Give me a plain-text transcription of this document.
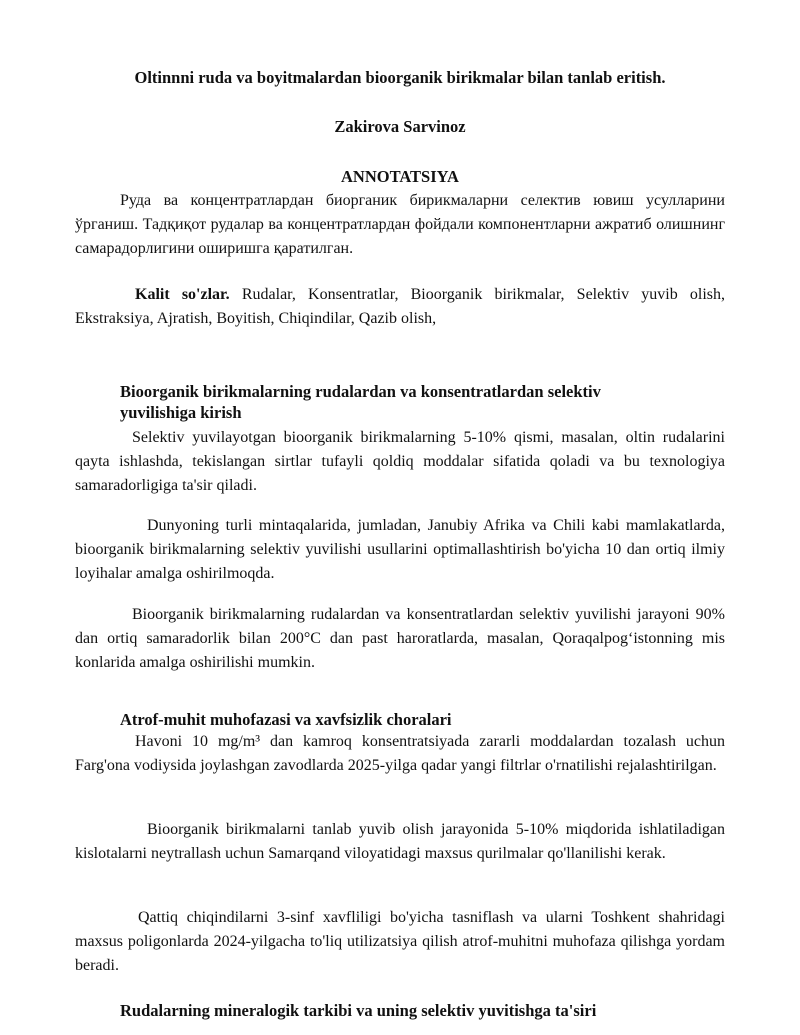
Oltinnni ruda va boyitmalardan bioorganik birikmalar bilan tanlab eritish.
Zakirova Sarvinoz
ANNOTATSIYA
Руда ва концентратлардан биорганик бирикмаларни селектив ювиш усулларини ўрганиш. Тадқиқот рудалар ва концентратлардан фойдали компонентларни ажратиб олишнинг самарадорлигини оширишга қаратилган.
Kalit so'zlar. Rudalar, Konsentratlar, Bioorganik birikmalar, Selektiv yuvib olish, Ekstraksiya, Ajratish, Boyitish, Chiqindilar, Qazib olish,
Bioorganik birikmalarning rudalardan va konsentratlardan selektiv yuvilishiga kirish
Selektiv yuvilayotgan bioorganik birikmalarning 5-10% qismi, masalan, oltin rudalarini qayta ishlashda, tekislangan sirtlar tufayli qoldiq moddalar sifatida qoladi va bu texnologiya samaradorligiga ta'sir qiladi.
Dunyoning turli mintaqalarida, jumladan, Janubiy Afrika va Chili kabi mamlakatlarda, bioorganik birikmalarning selektiv yuvilishi usullarini optimallashtirish bo'yicha 10 dan ortiq ilmiy loyihalar amalga oshirilmoqda.
Bioorganik birikmalarning rudalardan va konsentratlardan selektiv yuvilishi jarayoni 90% dan ortiq samaradorlik bilan 200°C dan past haroratlarda, masalan, Qoraqalpog‘istonning mis konlarida amalga oshirilishi mumkin.
Atrof-muhit muhofazasi va xavfsizlik choralari
Havoni 10 mg/m³ dan kamroq konsentratsiyada zararli moddalardan tozalash uchun Farg'ona vodiysida joylashgan zavodlarda 2025-yilga qadar yangi filtrlar o'rnatilishi rejalashtirilgan.
Bioorganik birikmalarni tanlab yuvib olish jarayonida 5-10% miqdorida ishlatiladigan kislotalarni neytrallash uchun Samarqand viloyatidagi maxsus qurilmalar qo'llanilishi kerak.
Qattiq chiqindilarni 3-sinf xavfliligi bo'yicha tasniflash va ularni Toshkent shahridagi maxsus poligonlarda 2024-yilgacha to'liq utilizatsiya qilish atrof-muhitni muhofaza qilishga yordam beradi.
Rudalarning mineralogik tarkibi va uning selektiv yuvitishga ta'siri
